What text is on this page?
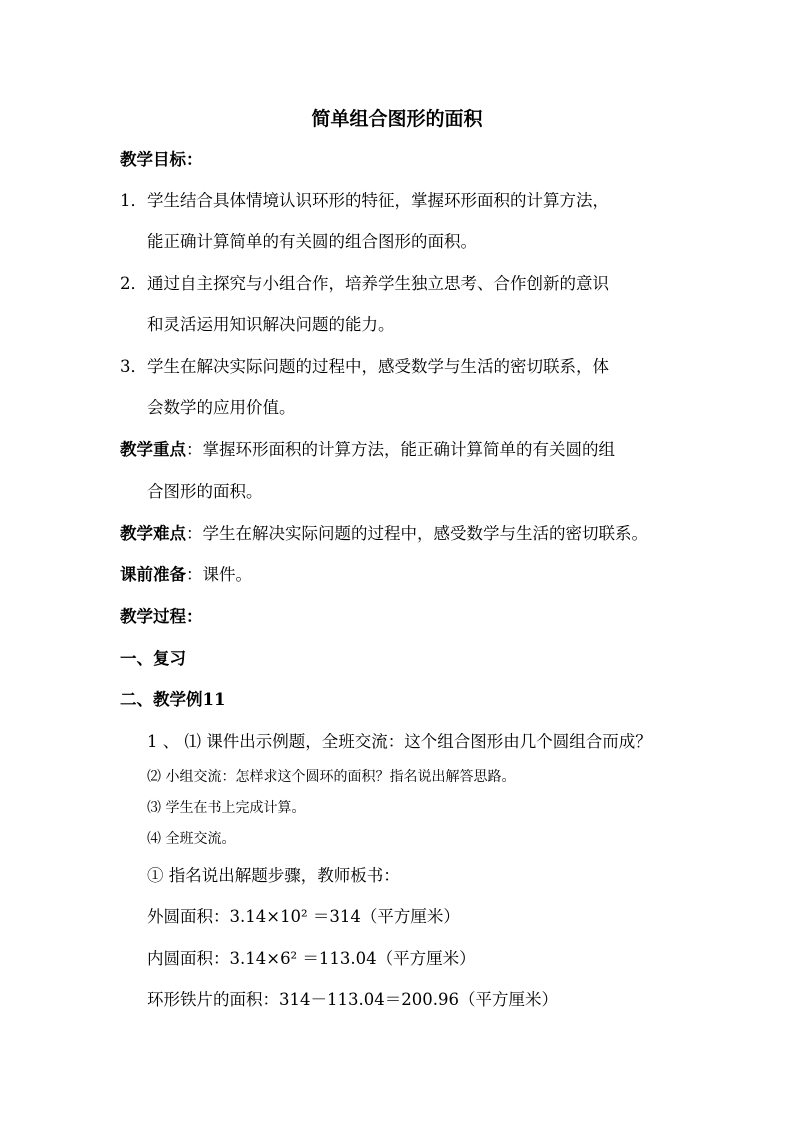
简单组合图形的面积
教学目标：
1． 学生结合具体情境认识环形的特征，掌握环形面积的计算方法，
能正确计算简单的有关圆的组合图形的面积。
2． 通过自主探究与小组合作，培养学生独立思考、合作创新的意识
和灵活运用知识解决问题的能力。
3． 学生在解决实际问题的过程中，感受数学与生活的密切联系，体
会数学的应用价值。
教学重点：掌握环形面积的计算方法，能正确计算简单的有关圆的组
合图形的面积。
教学难点：学生在解决实际问题的过程中，感受数学与生活的密切联系。
课前准备：课件。
教学过程：
一、复习
二、教学例11
1 、 ⑴ 课件出示例题，全班交流：这个组合图形由几个圆组合而成？
⑵ 小组交流：怎样求这个圆环的面积？指名说出解答思路。
⑶ 学生在书上完成计算。
⑷ 全班交流。
① 指名说出解题步骤，教师板书：
外圆面积：3.14×10² ＝314（平方厘米）
内圆面积：3.14×6² ＝113.04（平方厘米）
环形铁片的面积：314－113.04＝200.96（平方厘米）
